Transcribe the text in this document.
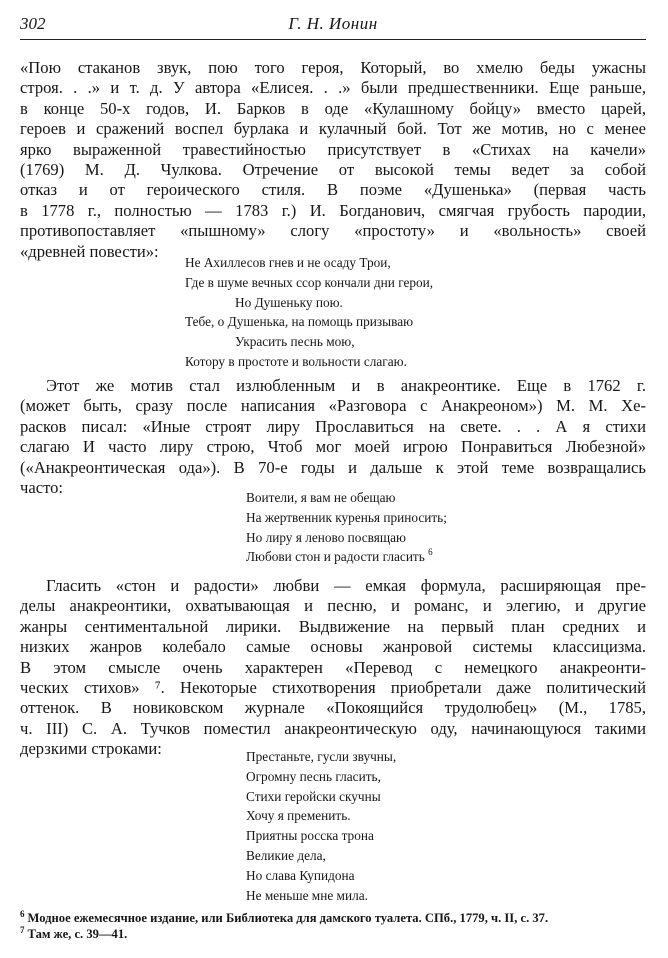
302	Г. Н. Ионин
«Пою стаканов звук, пою того героя, Который, во хмелю беды ужасны
строя. . .» и т. д. У автора «Елисея. . .» были предшественники. Еще раньше,
в конце 50-х годов, И. Барков в оде «Кулашному бойцу» вместо царей,
героев и сражений воспел бурлака и кулачный бой. Тот же мотив, но с менее
ярко выраженной травестийностью присутствует в «Стихах на качели»
(1769) М. Д. Чулкова. Отречение от высокой темы ведет за собой
отказ и от героического стиля. В поэме «Душенька» (первая часть
в 1778 г., полностью — 1783 г.) И. Богданович, смягчая грубость пародии,
противопоставляет «пышному» слогу «простоту» и «вольность» своей
«древней повести»:
Не Ахиллесов гнев и не осаду Трои,
Где в шуме вечных ссор кончали дни герои,
Но Душеньку пою.
Тебе, о Душенька, на помощь призываю
Украсить песнь мою,
Котору в простоте и вольности слагаю.
Этот же мотив стал излюбленным и в анакреонтике. Еще в 1762 г.
(может быть, сразу после написания «Разговора с Анакреоном») М. М. Хе-
расков писал: «Иные строят лиру Прославиться на свете. . . А я стихи
слагаю И часто лиру строю, Чтоб мог моей игрою Понравиться Любезной»
(«Анакреонтическая ода»). В 70-е годы и дальше к этой теме возвращались
часто:
Воители, я вам не обещаю
На жертвенник куренья приносить;
Но лиру я леново посвящаю
Любови стон и радости гласить $^6$
Гласить «стон и радости» любви — емкая формула, расширяющая пре-
делы анакреонтики, охватывающая и песню, и романс, и элегию, и другие
жанры сентиментальной лирики. Выдвижение на первый план средних и
низких жанров колебало самые основы жанровой системы классицизма.
В этом смысле очень характерен «Перевод с немецкого анакреонти-
ческих стихов» ⁷. Некоторые стихотворения приобретали даже политический
оттенок. В новиковском журнале «Покоящийся трудолюбец» (М., 1785,
ч. III) С. А. Тучков поместил анакреонтическую оду, начинающуюся такими
дерзкими строками:	Престаньте, гусли звучны,
Огромну песнь гласить,
Стихи геройски скучны
Хочу я пременить.
Приятны росска трона
Великие дела,
Но слава Купидона
Не меньше мне мила.
$^6$ Модное ежемесячное издание, или Библиотека для дамского туалета. СПб., 1779, ч. II, с. 37.
$^7$ Там же, с. 39—41.
